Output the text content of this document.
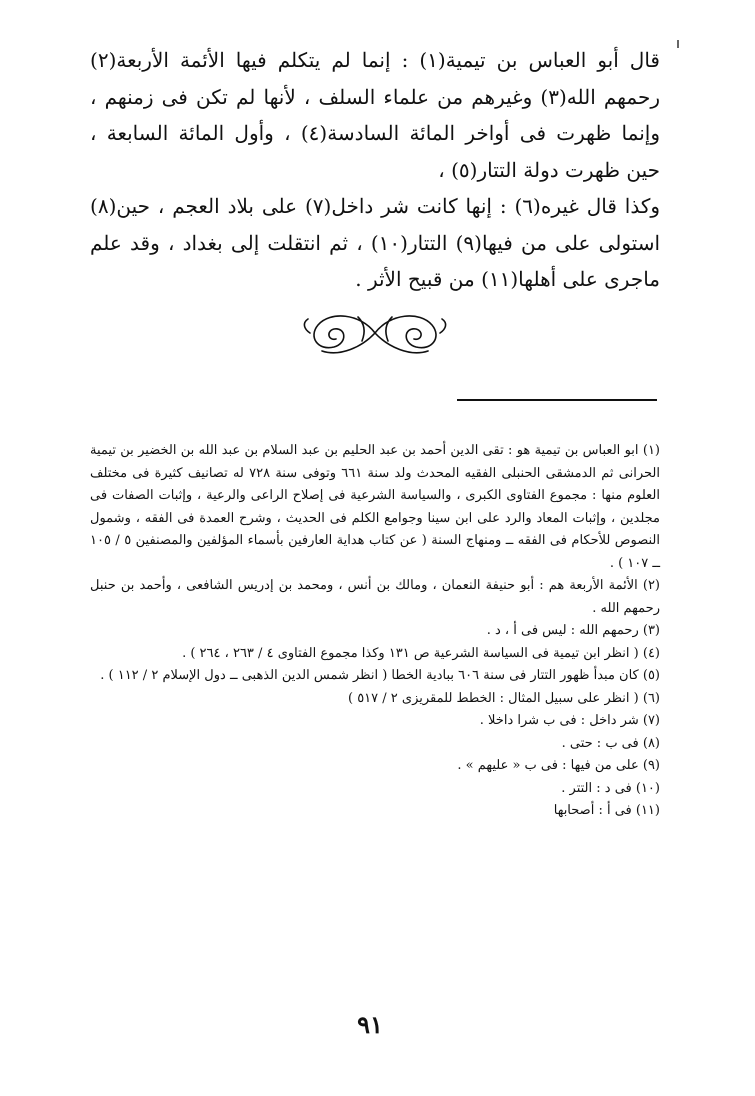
قال أبو العباس بن تيمية(١) : إنما لم يتكلم فيها الأئمة الأربعة(٢) رحمهم الله(٣) وغيرهم من علماء السلف ، لأنها لم تكن فى زمنهم ، وإنما ظهرت فى أواخر المائة السادسة(٤) ، وأول المائة السابعة ، حين ظهرت دولة التتار(٥) ،

وكذا قال غيره(٦) : إنها كانت شر داخل(٧) على بلاد العجم ، حين(٨) استولى على من فيها(٩) التتار(١٠) ، ثم انتقلت إلى بغداد ، وقد علم ماجرى على أهلها(١١) من قبيح الأثر .

(١) ابو العباس بن تيمية هو : تقى الدين أحمد بن عبد الحليم بن عبد السلام بن عبد الله بن الخضير بن تيمية الحرانى ثم الدمشقى الحنبلى الفقيه المحدث ولد سنة ٦٦١ وتوفى سنة ٧٢٨ له تصانيف كثيرة فى مختلف العلوم منها : مجموع الفتاوى الكبرى ، والسياسة الشرعية فى إصلاح الراعى والرعية ، وإثبات الصفات فى مجلدين ، وإثبات المعاد والرد على ابن سينا وجوامع الكلم فى الحديث ، وشرح العمدة فى الفقه ، وشمول النصوص للأحكام فى الفقه ــ ومنهاج السنة ( عن كتاب هداية العارفين بأسماء المؤلفين والمصنفين ٥ / ١٠٥ ــ ١٠٧ ) .

(٢) الأئمة الأربعة هم : أبو حنيفة النعمان ، ومالك بن أنس ، ومحمد بن إدريس الشافعى ، وأحمد بن حنبل رحمهم الله .

(٣) رحمهم الله : ليس فى أ ، د .

(٤) ( انظر ابن تيمية فى السياسة الشرعية ص ١٣١ وكذا مجموع الفتاوى ٤ / ٢٦٣ ، ٢٦٤ ) .

(٥) كان مبدأ ظهور التتار فى سنة ٦٠٦ ببادية الخطا ( انظر شمس الدين الذهبى ــ دول الإسلام ٢ / ١١٢ ) .

(٦) ( انظر على سبيل المثال : الخطط للمقريزى ٢ / ٥١٧ )

(٧) شر داخل : فى ب شرا داخلا .

(٨) فى ب : حتى .

(٩) على من فيها : فى ب « عليهم » .

(١٠) فى د : التتر .

(١١) فى أ : أصحابها

٩١
